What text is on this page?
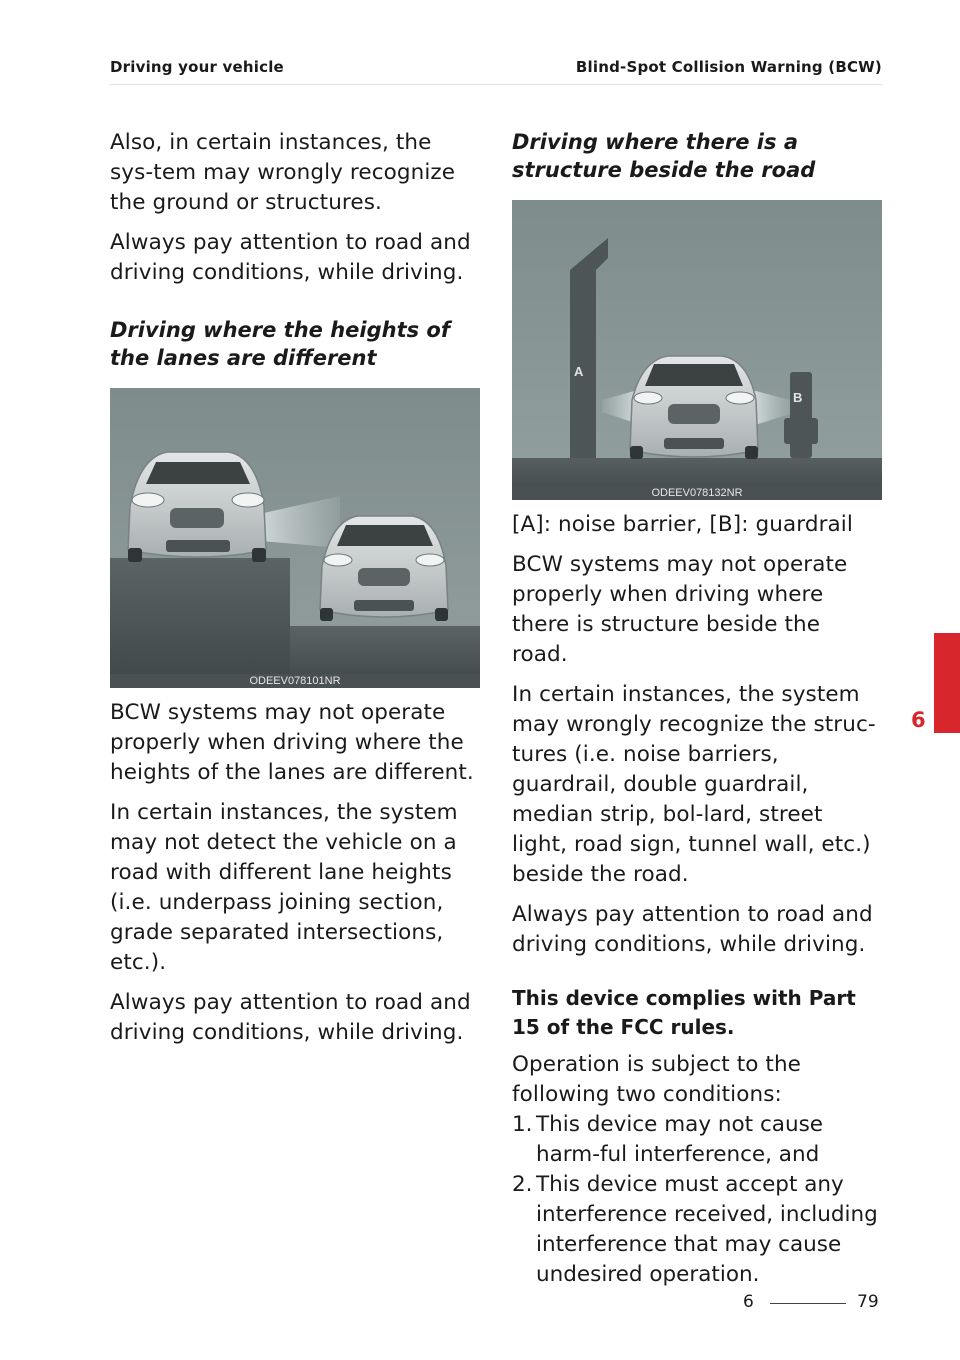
Driving your vehicle	Blind-Spot Collision Warning (BCW)

Also, in certain instances, the sys-tem may wrongly recognize the ground or structures.

Always pay attention to road and driving conditions, while driving.

Driving where the heights of the lanes are different
ODEEV078101NR

BCW systems may not operate properly when driving where the heights of the lanes are different.

In certain instances, the system may not detect the vehicle on a road with different lane heights (i.e. underpass joining section, grade separated intersections, etc.).

Always pay attention to road and driving conditions, while driving.

Driving where there is a structure beside the road
A
B
ODEEV078132NR

[A]: noise barrier, [B]: guardrail

BCW systems may not operate properly when driving where there is structure beside the road.

In certain instances, the system may wrongly recognize the struc-tures (i.e. noise barriers, guardrail, double guardrail, median strip, bol-lard, street light, road sign, tunnel wall, etc.) beside the road.

Always pay attention to road and driving conditions, while driving.

This device complies with Part 15 of the FCC rules.

Operation is subject to the following two conditions:

1. This device may not cause harm-ful interference, and
2. This device must accept any interference received, including interference that may cause undesired operation.
6
6	79
